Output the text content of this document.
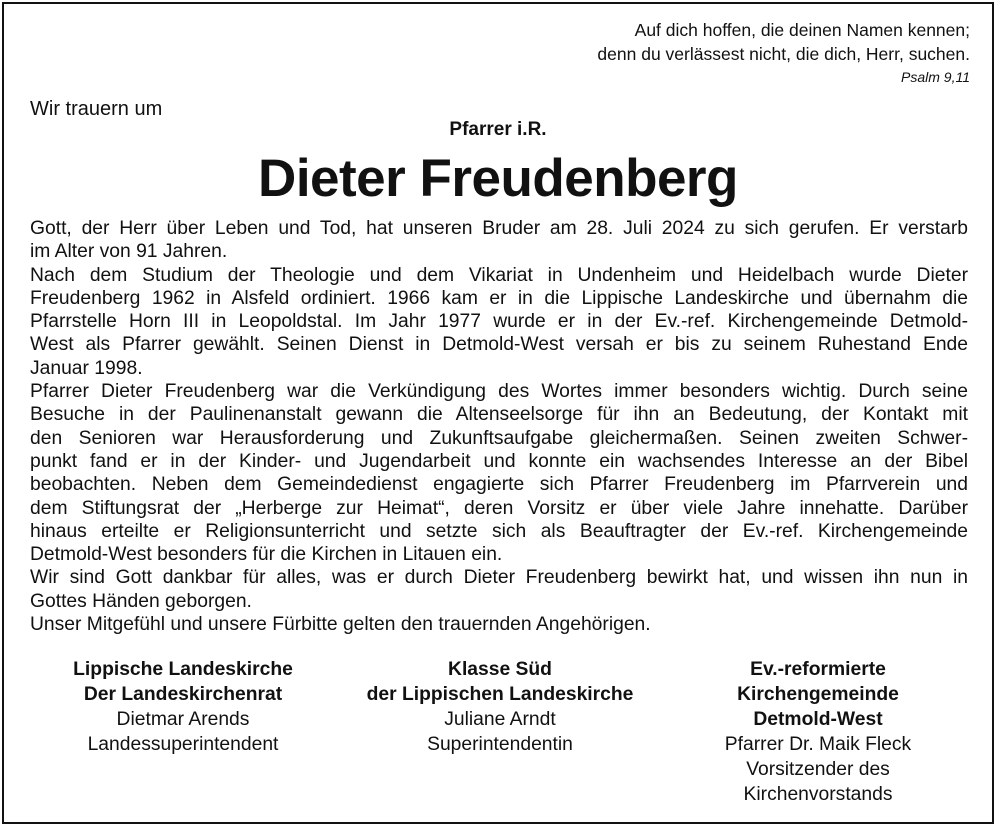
Auf dich hoffen, die deinen Namen kennen;
denn du verlässest nicht, die dich, Herr, suchen.
Psalm 9,11
Wir trauern um
Pfarrer i.R.
Dieter Freudenberg
Gott, der Herr über Leben und Tod, hat unseren Bruder am 28. Juli 2024 zu sich gerufen. Er verstarb
im Alter von 91 Jahren.
Nach dem Studium der Theologie und dem Vikariat in Undenheim und Heidelbach wurde Dieter
Freudenberg 1962 in Alsfeld ordiniert. 1966 kam er in die Lippische Landeskirche und übernahm die
Pfarrstelle Horn III in Leopoldstal. Im Jahr 1977 wurde er in der Ev.-ref. Kirchengemeinde Detmold-
West als Pfarrer gewählt. Seinen Dienst in Detmold-West versah er bis zu seinem Ruhestand Ende
Januar 1998.
Pfarrer Dieter Freudenberg war die Verkündigung des Wortes immer besonders wichtig. Durch seine
Besuche in der Paulinenanstalt gewann die Altenseelsorge für ihn an Bedeutung, der Kontakt mit
den Senioren war Herausforderung und Zukunftsaufgabe gleichermaßen. Seinen zweiten Schwer-
punkt fand er in der Kinder- und Jugendarbeit und konnte ein wachsendes Interesse an der Bibel
beobachten. Neben dem Gemeindedienst engagierte sich Pfarrer Freudenberg im Pfarrverein und
dem Stiftungsrat der „Herberge zur Heimat“, deren Vorsitz er über viele Jahre innehatte. Darüber
hinaus erteilte er Religionsunterricht und setzte sich als Beauftragter der Ev.-ref. Kirchengemeinde
Detmold-West besonders für die Kirchen in Litauen ein.
Wir sind Gott dankbar für alles, was er durch Dieter Freudenberg bewirkt hat, und wissen ihn nun in
Gottes Händen geborgen.
Unser Mitgefühl und unsere Fürbitte gelten den trauernden Angehörigen.
Lippische Landeskirche
Der Landeskirchenrat
Dietmar Arends
Landessuperintendent
Klasse Süd
der Lippischen Landeskirche
Juliane Arndt
Superintendentin
Ev.-reformierte
Kirchengemeinde
Detmold-West
Pfarrer Dr. Maik Fleck
Vorsitzender des
Kirchenvorstands
